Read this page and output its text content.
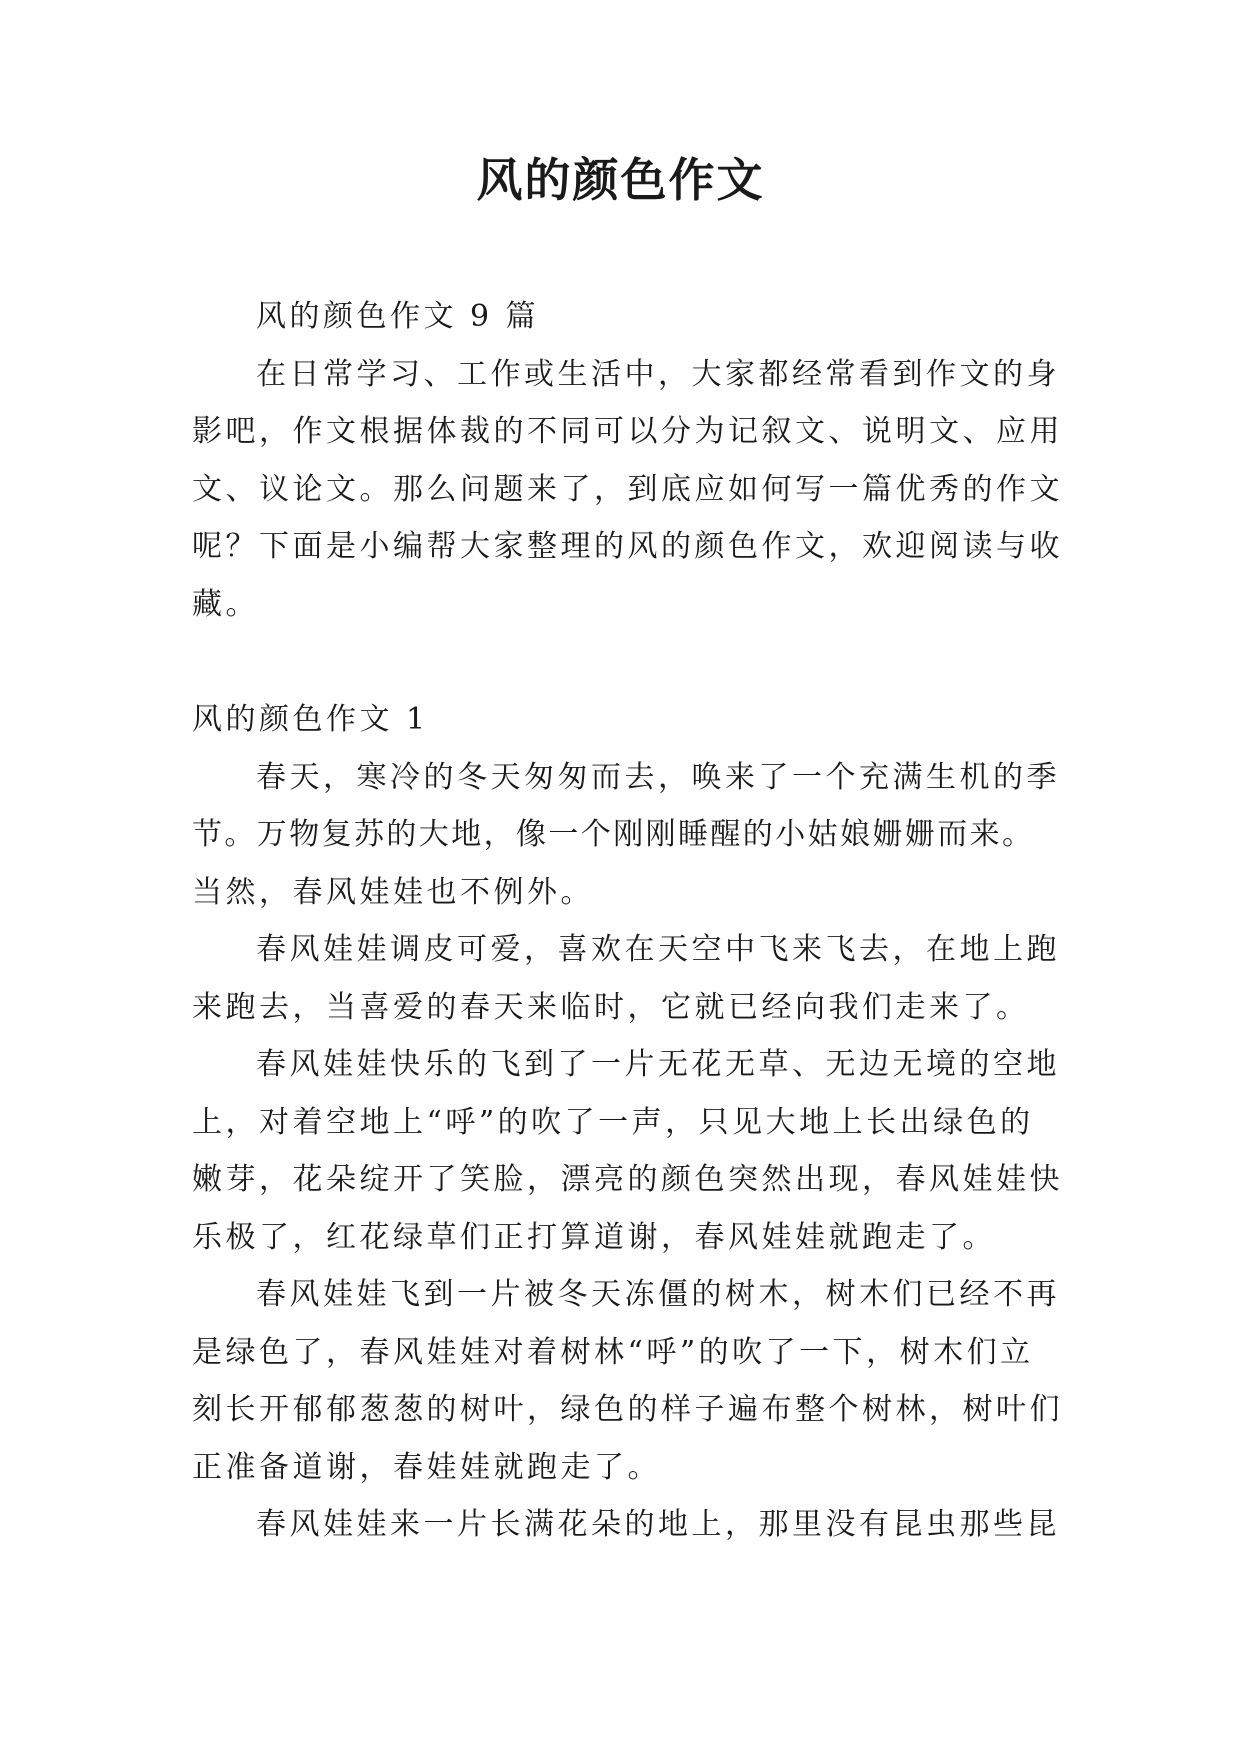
风的颜色作文

风的颜色作文 9 篇

在日常学习、工作或生活中，大家都经常看到作文的身
影吧，作文根据体裁的不同可以分为记叙文、说明文、应用
文、议论文。那么问题来了，到底应如何写一篇优秀的作文
呢？下面是小编帮大家整理的风的颜色作文，欢迎阅读与收
藏。

风的颜色作文 1

春天，寒冷的冬天匆匆而去，唤来了一个充满生机的季
节。万物复苏的大地，像一个刚刚睡醒的小姑娘姗姗而来。
当然，春风娃娃也不例外。

春风娃娃调皮可爱，喜欢在天空中飞来飞去，在地上跑
来跑去，当喜爱的春天来临时，它就已经向我们走来了。

春风娃娃快乐的飞到了一片无花无草、无边无境的空地
上，对着空地上“呼”的吹了一声，只见大地上长出绿色的
嫩芽，花朵绽开了笑脸，漂亮的颜色突然出现，春风娃娃快
乐极了，红花绿草们正打算道谢，春风娃娃就跑走了。

春风娃娃飞到一片被冬天冻僵的树木，树木们已经不再
是绿色了，春风娃娃对着树林“呼”的吹了一下，树木们立
刻长开郁郁葱葱的树叶，绿色的样子遍布整个树林，树叶们
正准备道谢，春娃娃就跑走了。

春风娃娃来一片长满花朵的地上，那里没有昆虫那些昆
